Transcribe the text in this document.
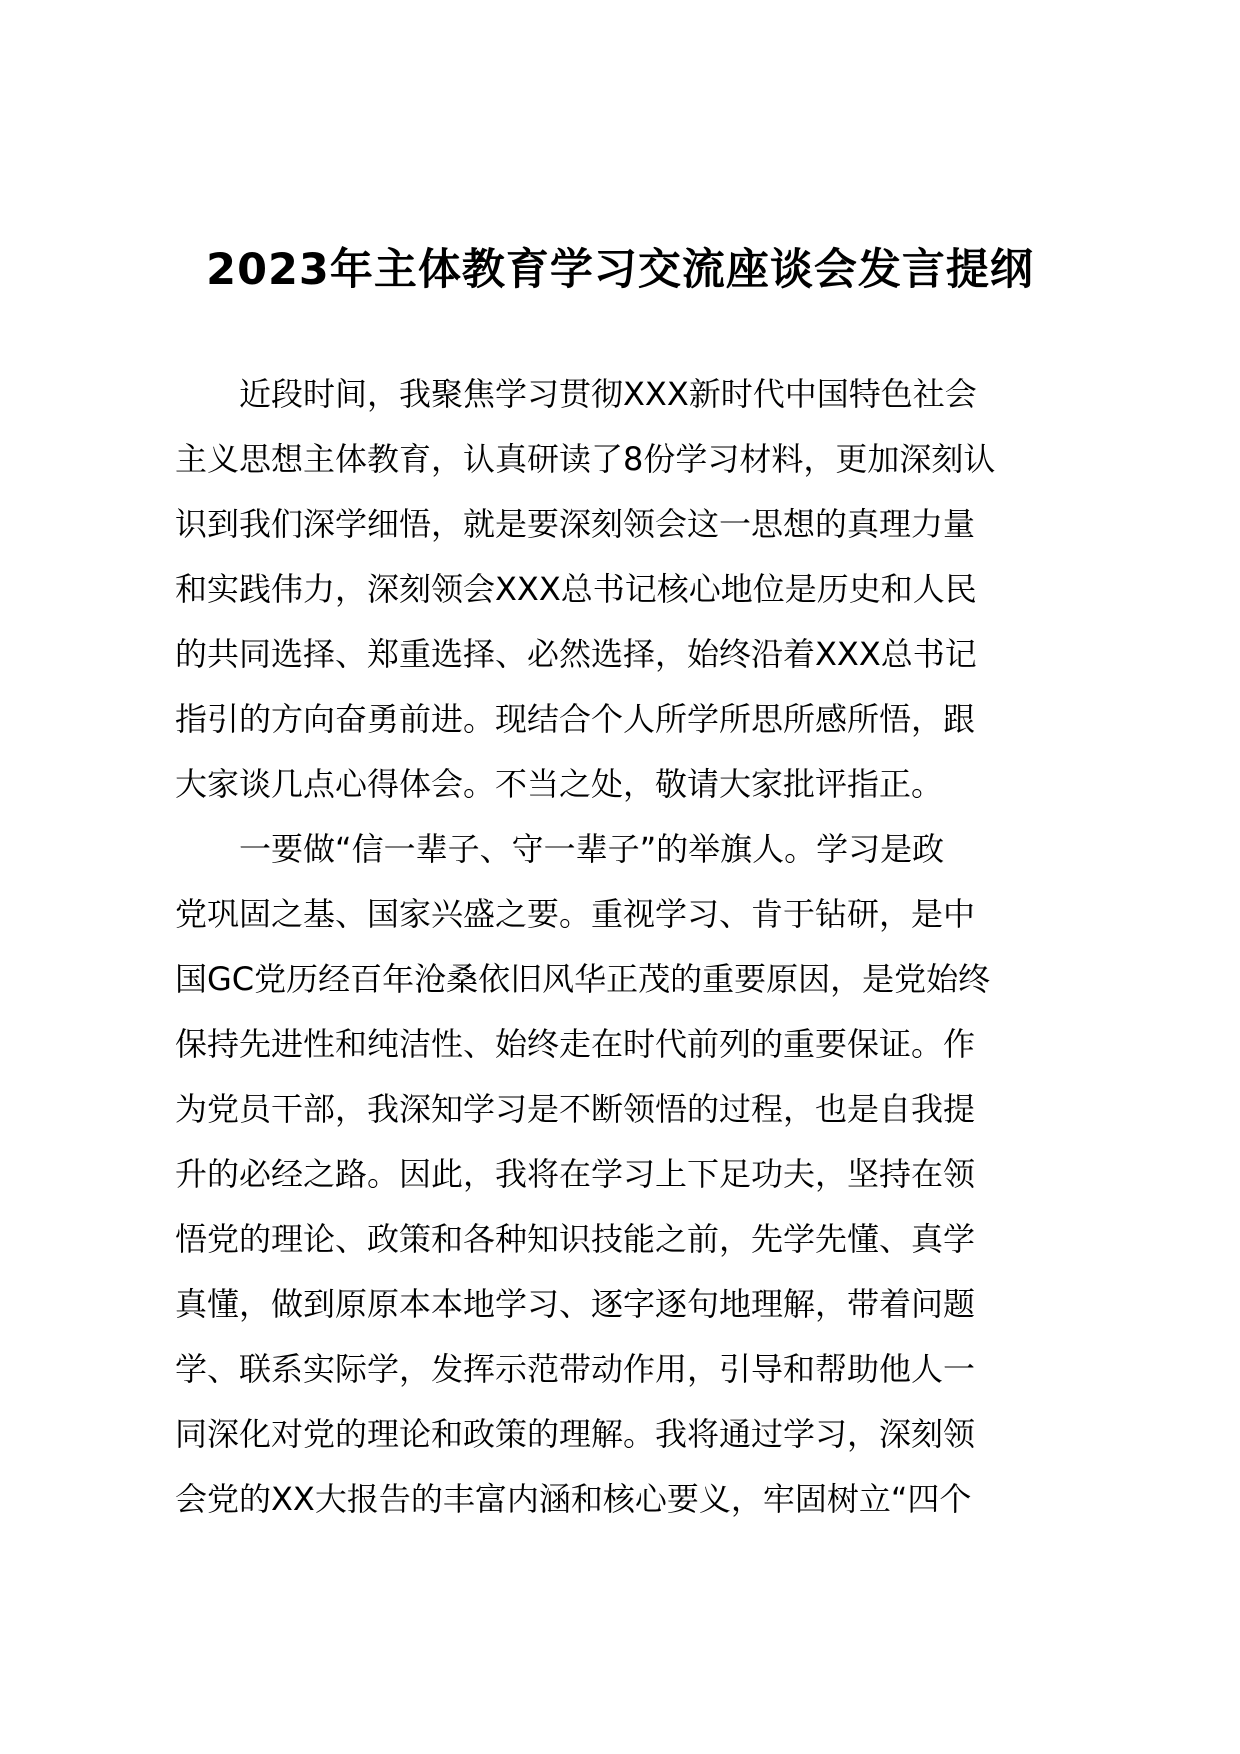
2023年主体教育学习交流座谈会发言提纲
近段时间，我聚焦学习贯彻XXX新时代中国特色社会
主义思想主体教育，认真研读了8份学习材料，更加深刻认
识到我们深学细悟，就是要深刻领会这一思想的真理力量
和实践伟力，深刻领会XXX总书记核心地位是历史和人民
的共同选择、郑重选择、必然选择，始终沿着XXX总书记
指引的方向奋勇前进。现结合个人所学所思所感所悟，跟
大家谈几点心得体会。不当之处，敬请大家批评指正。
一要做“信一辈子、守一辈子”的举旗人。学习是政
党巩固之基、国家兴盛之要。重视学习、肯于钻研，是中
国GC党历经百年沧桑依旧风华正茂的重要原因，是党始终
保持先进性和纯洁性、始终走在时代前列的重要保证。作
为党员干部，我深知学习是不断领悟的过程，也是自我提
升的必经之路。因此，我将在学习上下足功夫，坚持在领
悟党的理论、政策和各种知识技能之前，先学先懂、真学
真懂，做到原原本本地学习、逐字逐句地理解，带着问题
学、联系实际学，发挥示范带动作用，引导和帮助他人一
同深化对党的理论和政策的理解。我将通过学习，深刻领
会党的XX大报告的丰富内涵和核心要义，牢固树立“四个
